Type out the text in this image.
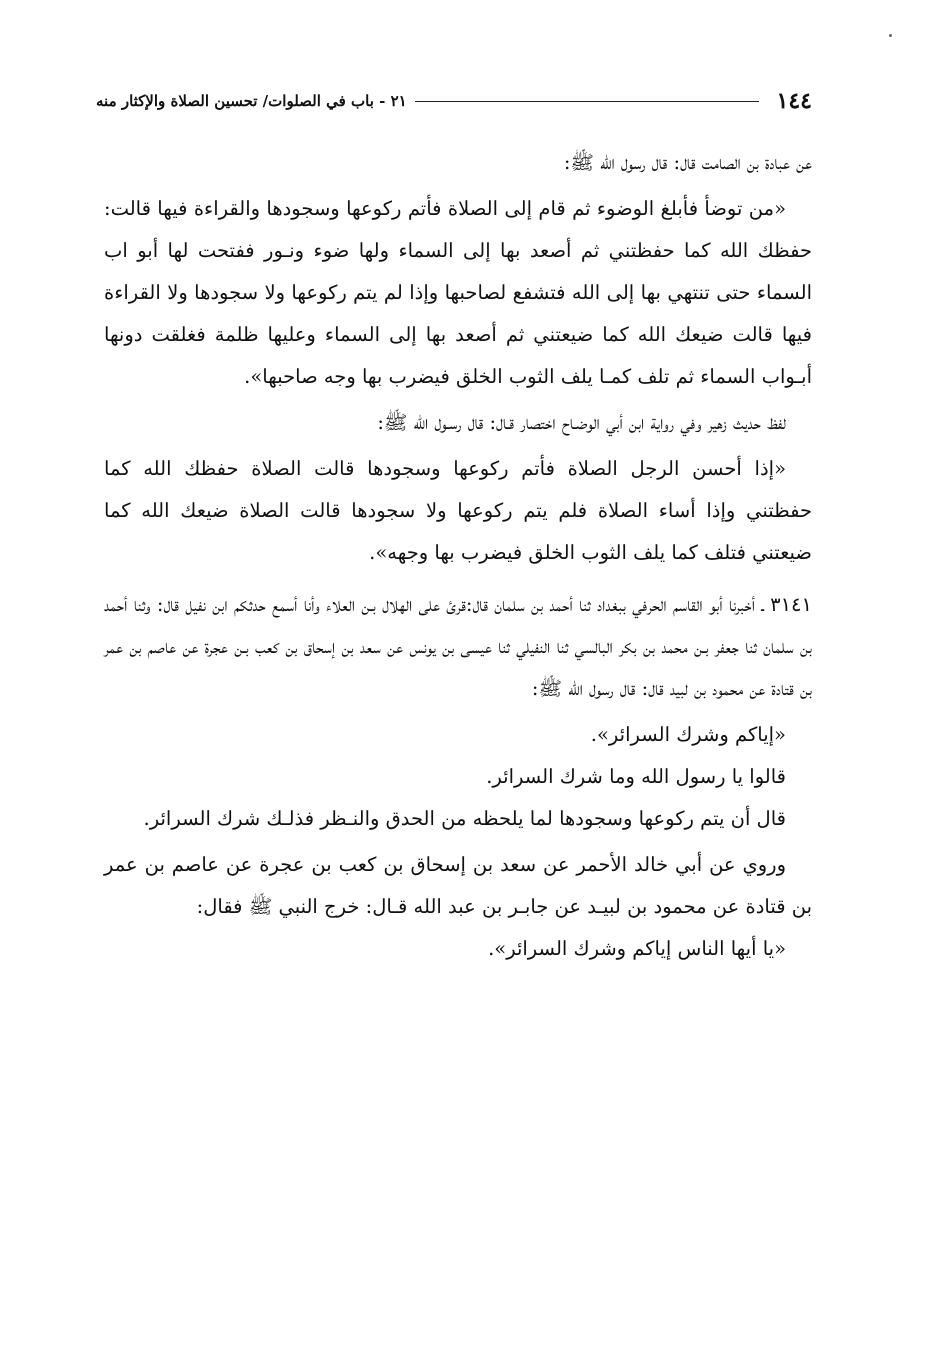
١٤٤
٢١ - باب في الصلوات/ تحسين الصلاة والإكثار منه

عن عبادة بن الصامت قال: قال رسول الله ﷺ:

«من توضأ فأبلغ الوضوء ثم قام إلى الصلاة فأتم ركوعها وسجودها والقراءة فيها قالت: حفظك الله كما حفظتني ثم أصعد بها إلى السماء ولها ضوء ونـور ففتحت لها أبو اب السماء حتى تنتهي بها إلى الله فتشفع لصاحبها وإذا لم يتم ركوعها ولا سجودها ولا القراءة فيها قالت ضيعك الله كما ضيعتني ثم أصعد بها إلى السماء وعليها ظلمة فغلقت دونها أبـواب السماء ثم تلف كمـا يلف الثوب الخلق فيضرب بها وجه صاحبها».

لفظ حديث زهير وفي رواية ابن أبي الوضـاح اختصار قـال: قال رسـول الله ﷺ:

«إذا أحسن الرجل الصلاة فأتم ركوعها وسجودها قالت الصلاة حفظك الله كما حفظتني وإذا أساء الصلاة فلم يتم ركوعها ولا سجودها قالت الصلاة ضيعك الله كما ضيعتني فتلف كما يلف الثوب الخلق فيضرب بها وجهه».

٣١٤١ ـ أخبرنا أبو القاسم الحرفي ببغداد ثنا أحمد بن سلمان قال:قرئ على الهلال بـن العلاء وأنا أسمع حدثكم ابن نفيل قال: وثنا أحمد بن سلمان ثنا جعفر بـن محمد بن بكر البالسي ثنا النفيلي ثنا عيسى بن يونس عن سعد بن إسحاق بن كعب بـن عجرة عن عاصم بن عمر بن قتادة عن محمود بن لبيد قال: قال رسول الله ﷺ:

«إياكم وشرك السرائر».

قالوا يا رسول الله وما شرك السرائر.

قال أن يتم ركوعها وسجودها لما يلحظه من الحدق والنـظر فذلـك شرك السرائر.

وروي عن أبي خالد الأحمر عن سعد بن إسحاق بن كعب بن عجرة عن عاصم بن عمر بن قتادة عن محمود بن لبيـد عن جابـر بن عبد الله قـال: خرج النبي ﷺ فقال:

«يا أيها الناس إياكم وشرك السرائر».
